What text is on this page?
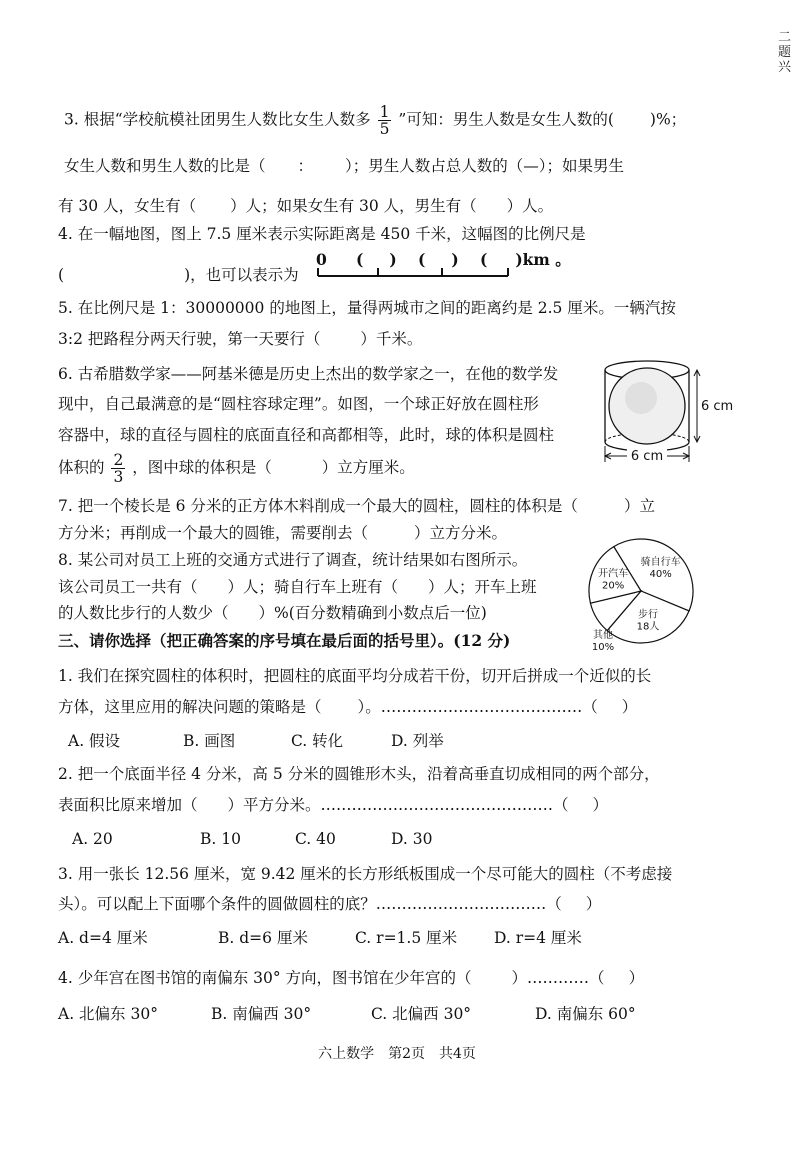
二题兴
3. 根据“学校航模社团男生人数比女生人数多 $\frac{1}{5}$ ”可知：男生人数是女生人数的( )%；
女生人数和男生人数的比是（ ： ）；男生人数占总人数的（—）；如果男生
有 30 人，女生有（ ）人；如果女生有 30 人，男生有（ ）人。
4. 在一幅地图，图上 7.5 厘米表示实际距离是 450 千米，这幅图的比例尺是
(	)，也可以表示为
0 ( ) ( ) ( )km 。
5. 在比例尺是 1：30000000 的地图上，量得两城市之间的距离约是 2.5 厘米。一辆汽按
3:2 把路程分两天行驶，第一天要行（	）千米。
6. 古希腊数学家——阿基米德是历史上杰出的数学家之一，在他的数学发
现中，自己最满意的是“圆柱容球定理”。如图，一个球正好放在圆柱形
容器中，球的直径与圆柱的底面直径和高都相等，此时，球的体积是圆柱
体积的 $\frac{2}{3}$ ，图中球的体积是（	）立方厘米。
6 cm
6 cm
7. 把一个棱长是 6 分米的正方体木料削成一个最大的圆柱，圆柱的体积是（	）立
方分米；再削成一个最大的圆锥，需要削去（	）立方分米。
8. 某公司对员工上班的交通方式进行了调查，统计结果如右图所示。
该公司员工一共有（ ）人；骑自行车上班有（ ）人；开车上班
的人数比步行的人数少（ ）%(百分数精确到小数点后一位)
骑自行车
40%
步行
18人
其他
10%
开汽车
20%
三、请你选择（把正确答案的序号填在最后面的括号里）。(12 分)
1. 我们在探究圆柱的体积时，把圆柱的底面平均分成若干份，切开后拼成一个近似的长
方体，这里应用的解决问题的策略是（ ）。…………………………………（ ）
A. 假设	B. 画图	C. 转化	D. 列举
2. 把一个底面半径 4 分米，高 5 分米的圆锥形木头，沿着高垂直切成相同的两个部分，
表面积比原来增加（ ）平方分米。………………………………………（ ）
A. 20	B. 10	C. 40	D. 30
3. 用一张长 12.56 厘米，宽 9.42 厘米的长方形纸板围成一个尽可能大的圆柱（不考虑接
头）。可以配上下面哪个条件的圆做圆柱的底？……………………………（ ）
A. d=4 厘米	B. d=6 厘米	C. r=1.5 厘米 D. r=4 厘米
4. 少年宫在图书馆的南偏东 30° 方向，图书馆在少年宫的（	）…………（ ）
A. 北偏东 30°	B. 南偏西 30°	C. 北偏西 30°	D. 南偏东 60°
六上数学　第2页　共4页
